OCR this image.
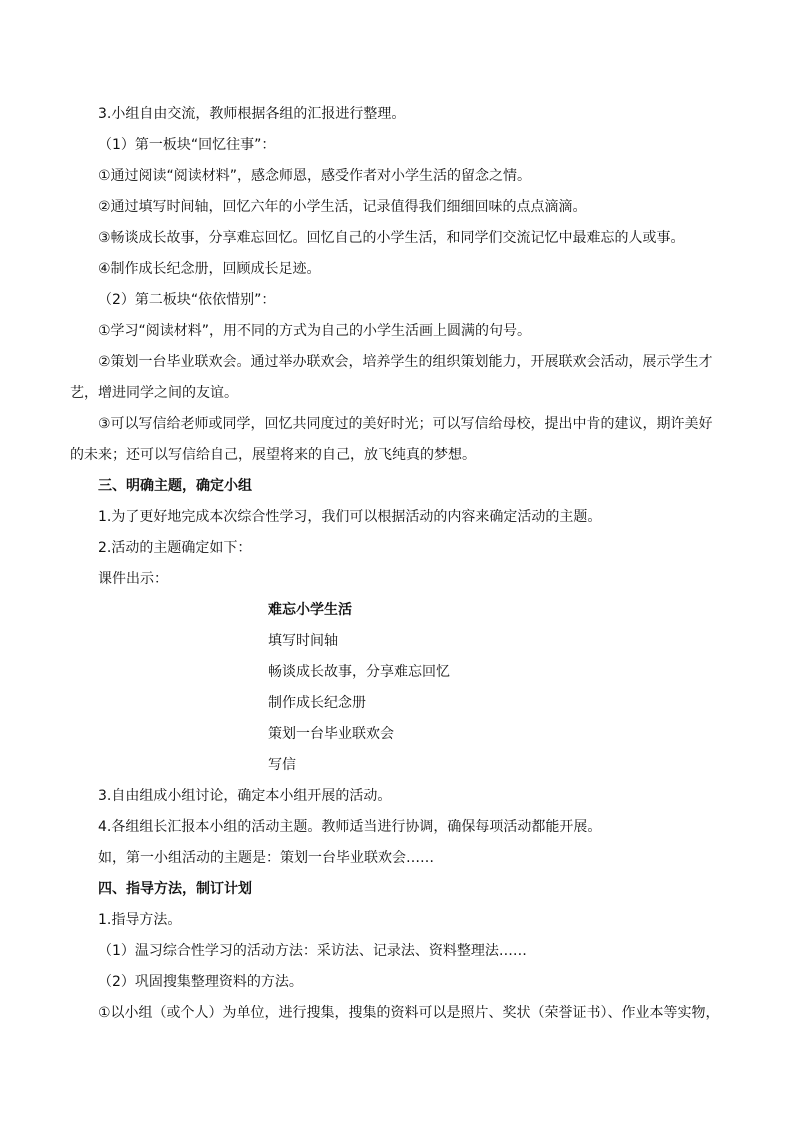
3.小组自由交流，教师根据各组的汇报进行整理。
（1）第一板块“回忆往事”：
①通过阅读“阅读材料”，感念师恩，感受作者对小学生活的留念之情。
②通过填写时间轴，回忆六年的小学生活，记录值得我们细细回味的点点滴滴。
③畅谈成长故事，分享难忘回忆。回忆自己的小学生活，和同学们交流记忆中最难忘的人或事。
④制作成长纪念册，回顾成长足迹。
（2）第二板块“依依惜别”：
①学习“阅读材料”，用不同的方式为自己的小学生活画上圆满的句号。
②策划一台毕业联欢会。通过举办联欢会，培养学生的组织策划能力，开展联欢会活动，展示学生才
艺，增进同学之间的友谊。
③可以写信给老师或同学，回忆共同度过的美好时光；可以写信给母校，提出中肯的建议，期许美好
的未来；还可以写信给自己，展望将来的自己，放飞纯真的梦想。
三、明确主题，确定小组
1.为了更好地完成本次综合性学习，我们可以根据活动的内容来确定活动的主题。
2.活动的主题确定如下：
课件出示：
难忘小学生活
填写时间轴
畅谈成长故事，分享难忘回忆
制作成长纪念册
策划一台毕业联欢会
写信
3.自由组成小组讨论，确定本小组开展的活动。
4.各组组长汇报本小组的活动主题。教师适当进行协调，确保每项活动都能开展。
如，第一小组活动的主题是：策划一台毕业联欢会……
四、指导方法，制订计划
1.指导方法。
（1）温习综合性学习的活动方法：采访法、记录法、资料整理法……
（2）巩固搜集整理资料的方法。
①以小组（或个人）为单位，进行搜集，搜集的资料可以是照片、奖状（荣誉证书）、作业本等实物，
